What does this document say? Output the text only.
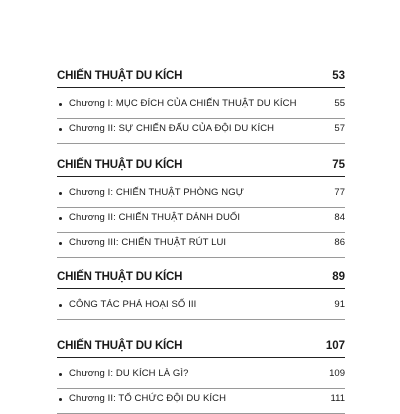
CHIẾN THUẬT DU KÍCH	53
Chương I: MỤC ĐÍCH CỦA CHIẾN THUẬT DU KÍCH	55
Chương II: SỰ CHIẾN ĐẤU CỦA ĐỘI DU KÍCH	57
CHIẾN THUẬT DU KÍCH	75
Chương I: CHIẾN THUẬT PHÒNG NGỰ	77
Chương II: CHIẾN THUẬT DÁNH DUỔI	84
Chương III: CHIẾN THUẬT RÚT LUI	86
CHIẾN THUẬT DU KÍCH	89
CÔNG TÁC PHÁ HOẠI SỐ III	91
CHIẾN THUẬT DU KÍCH	107
Chương I: DU KÍCH LÀ GÌ?	109
Chương II: TỔ CHỨC ĐỘI DU KÍCH	111
